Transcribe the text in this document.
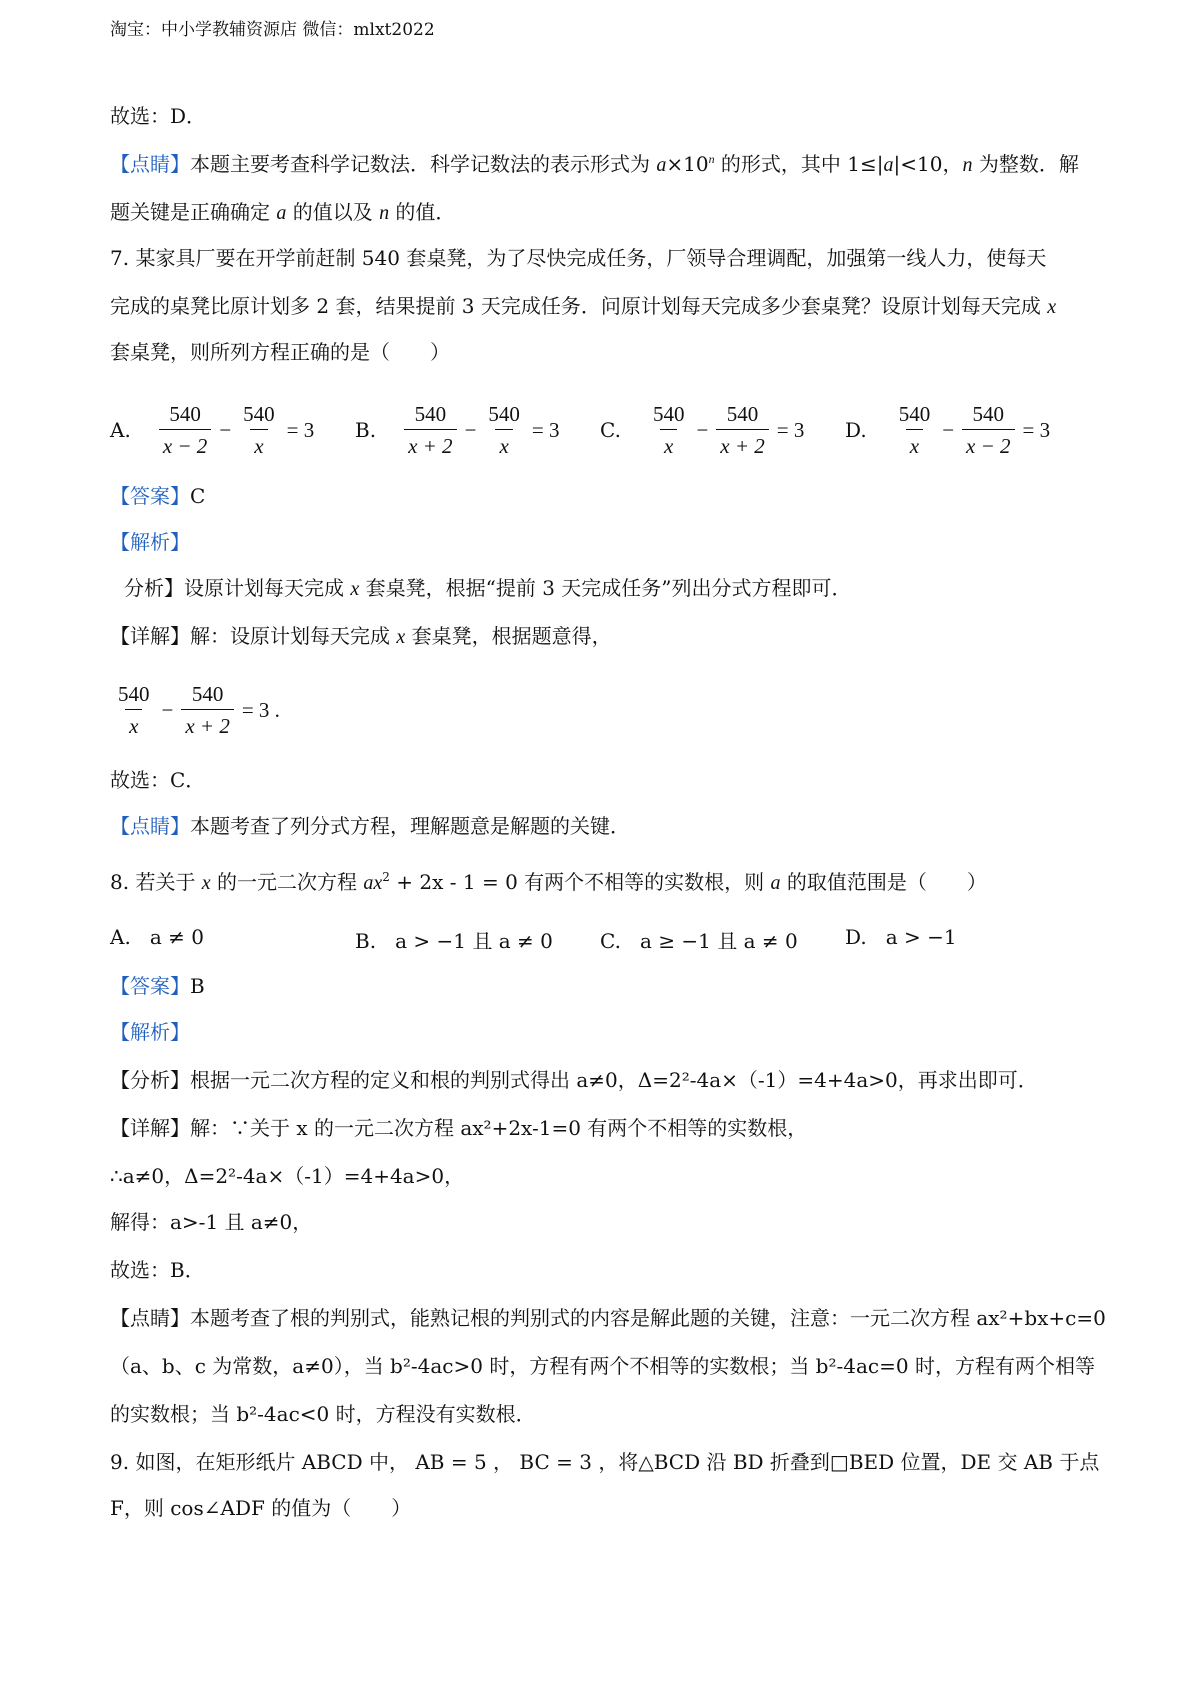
淘宝：中小学教辅资源店 微信：mlxt2022
故选：D．
【点睛】本题主要考查科学记数法．科学记数法的表示形式为 $a\times 10^n$ 的形式，其中 1≤|a|<10，n 为整数．解
题关键是正确确定 a 的值以及 n 的值．
7. 某家具厂要在开学前赶制 540 套桌凳，为了尽快完成任务，厂领导合理调配，加强第一线人力，使每天
完成的桌凳比原计划多 2 套，结果提前 3 天完成任务．问原计划每天完成多少套桌凳？设原计划每天完成 x
套桌凳，则所列方程正确的是（　　）
A. $\frac{540}{x - 2} - \frac{540}{x} = 3$ B. $\frac{540}{x + 2} - \frac{540}{x} = 3$ C. $\frac{540}{x} - \frac{540}{x + 2} = 3$ D. $\frac{540}{x} - \frac{540}{x - 2} = 3$
【答案】C
【解析】
分析】设原计划每天完成 x 套桌凳，根据“提前 3 天完成任务”列出分式方程即可．
【详解】解：设原计划每天完成 x 套桌凳，根据题意得，
$\frac{540}{x} - \frac{540}{x + 2} = 3$ .
故选：C．
【点睛】本题考查了列分式方程，理解题意是解题的关键．
8. 若关于 x 的一元二次方程 $ax^2 + 2x - 1 = 0$ 有两个不相等的实数根，则 a 的取值范围是（　　）
A. a ≠ 0	B. a > −1 且 a ≠ 0 C. a ≥ −1 且 a ≠ 0 D. a > −1
【答案】B
【解析】
【分析】根据一元二次方程的定义和根的判别式得出 a≠0，Δ=2²-4a×（-1）=4+4a>0，再求出即可．
【详解】解：∵关于 x 的一元二次方程 ax²+2x-1=0 有两个不相等的实数根，
∴a≠0，Δ=2²-4a×（-1）=4+4a>0，
解得：a>-1 且 a≠0，
故选：B．
【点睛】本题考查了根的判别式，能熟记根的判别式的内容是解此题的关键，注意：一元二次方程 ax²+bx+c=0
（a、b、c 为常数，a≠0），当 b²-4ac>0 时，方程有两个不相等的实数根；当 b²-4ac=0 时，方程有两个相等
的实数根；当 b²-4ac<0 时，方程没有实数根．
9. 如图，在矩形纸片 ABCD 中， AB = 5 ， BC = 3 ，将△BCD 沿 BD 折叠到□BED 位置，DE 交 AB 于点
F，则 cos∠ADF 的值为（　　）
